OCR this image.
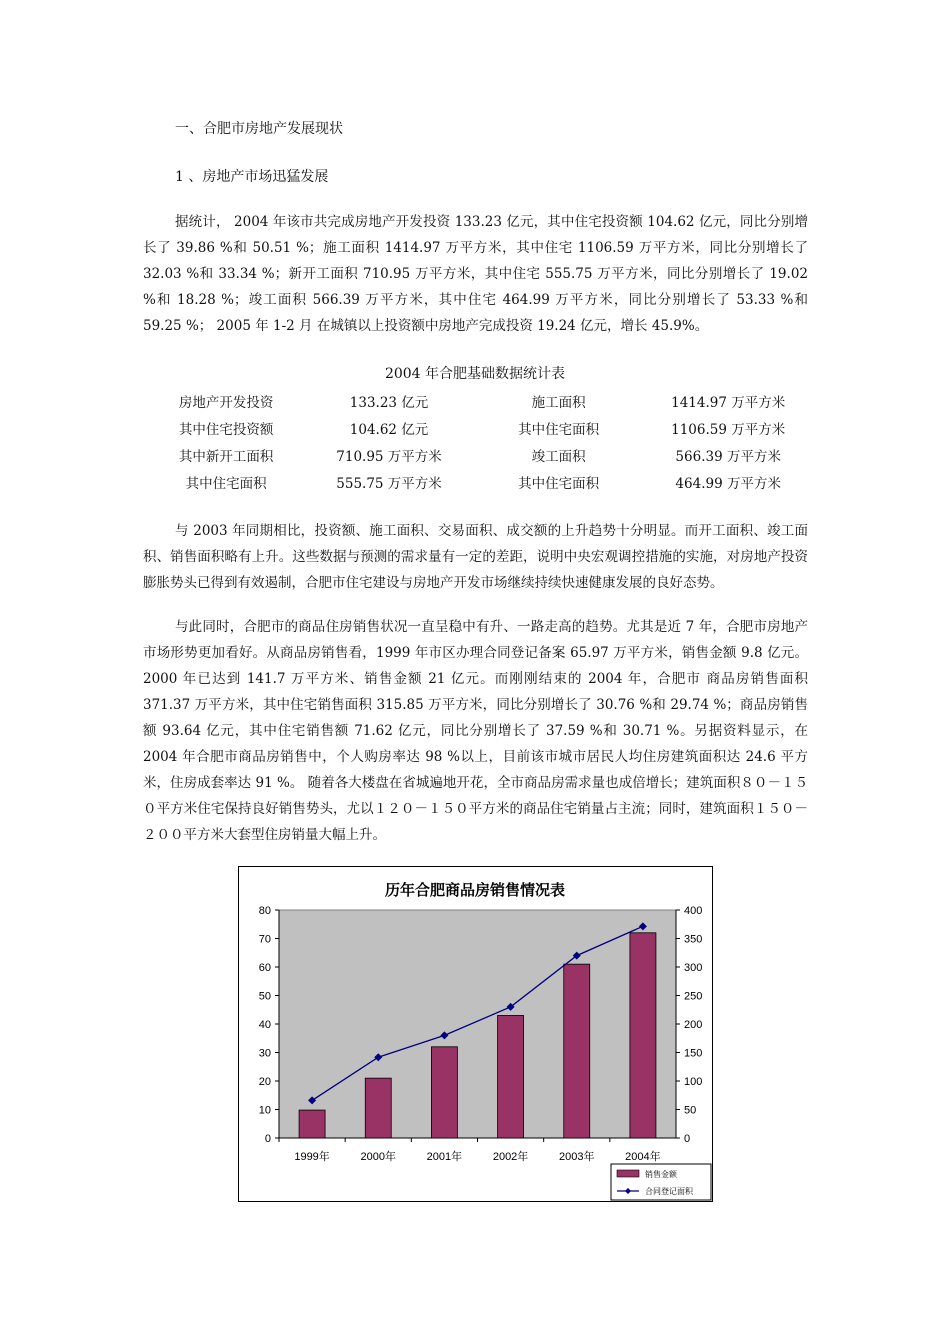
一、合肥市房地产发展现状
1 、房地产市场迅猛发展

据统计， 2004 年该市共完成房地产开发投资 133.23 亿元，其中住宅投资额 104.62 亿元，同比分别增长了 39.86 %和 50.51 %；施工面积 1414.97 万平方米，其中住宅 1106.59 万平方米，同比分别增长了 32.03 %和 33.34 %；新开工面积 710.95 万平方米，其中住宅 555.75 万平方米，同比分别增长了 19.02 %和 18.28 %；竣工面积 566.39 万平方米，其中住宅 464.99 万平方米，同比分别增长了 53.33 %和 59.25 %； 2005 年 1-2 月 在城镇以上投资额中房地产完成投资 19.24 亿元，增长 45.9%。

2004 年合肥基础数据统计表
房地产开发投资	133.23 亿元	施工面积	1414.97 万平方米
其中住宅投资额	104.62 亿元	其中住宅面积	1106.59 万平方米
其中新开工面积	710.95 万平方米	竣工面积	566.39 万平方米
其中住宅面积	555.75 万平方米	其中住宅面积	464.99 万平方米

与 2003 年同期相比，投资额、施工面积、交易面积、成交额的上升趋势十分明显。而开工面积、竣工面积、销售面积略有上升。这些数据与预测的需求量有一定的差距，说明中央宏观调控措施的实施，对房地产投资膨胀势头已得到有效遏制，合肥市住宅建设与房地产开发市场继续持续快速健康发展的良好态势。

与此同时，合肥市的商品住房销售状况一直呈稳中有升、一路走高的趋势。尤其是近 7 年，合肥市房地产市场形势更加看好。从商品房销售看，1999 年市区办理合同登记备案 65.97 万平方米，销售金额 9.8 亿元。2000 年已达到 141.7 万平方米、销售金额 21 亿元。而刚刚结束的 2004 年，合肥市 商品房销售面积 371.37 万平方米，其中住宅销售面积 315.85 万平方米，同比分别增长了 30.76 %和 29.74 %；商品房销售额 93.64 亿元，其中住宅销售额 71.62 亿元，同比分别增长了 37.59 %和 30.71 %。另据资料显示，在 2004 年合肥市商品房销售中，个人购房率达 98 %以上，目前该市城市居民人均住房建筑面积达 24.6 平方米，住房成套率达 91 %。 随着各大楼盘在省城遍地开花，全市商品房需求量也成倍增长；建筑面积８０－１５０平方米住宅保持良好销售势头，尤以１２０－１５０平方米的商品住宅销量占主流；同时，建筑面积１５０－２００平方米大套型住房销量大幅上升。

历年合肥商品房销售情况表
0
10
20
30
40
50
60
70
80
0
50
100
150
200
250
300
350
400
1999年	2000年	2001年	2002年	2003年	2004年
销售金额
合同登记面积
